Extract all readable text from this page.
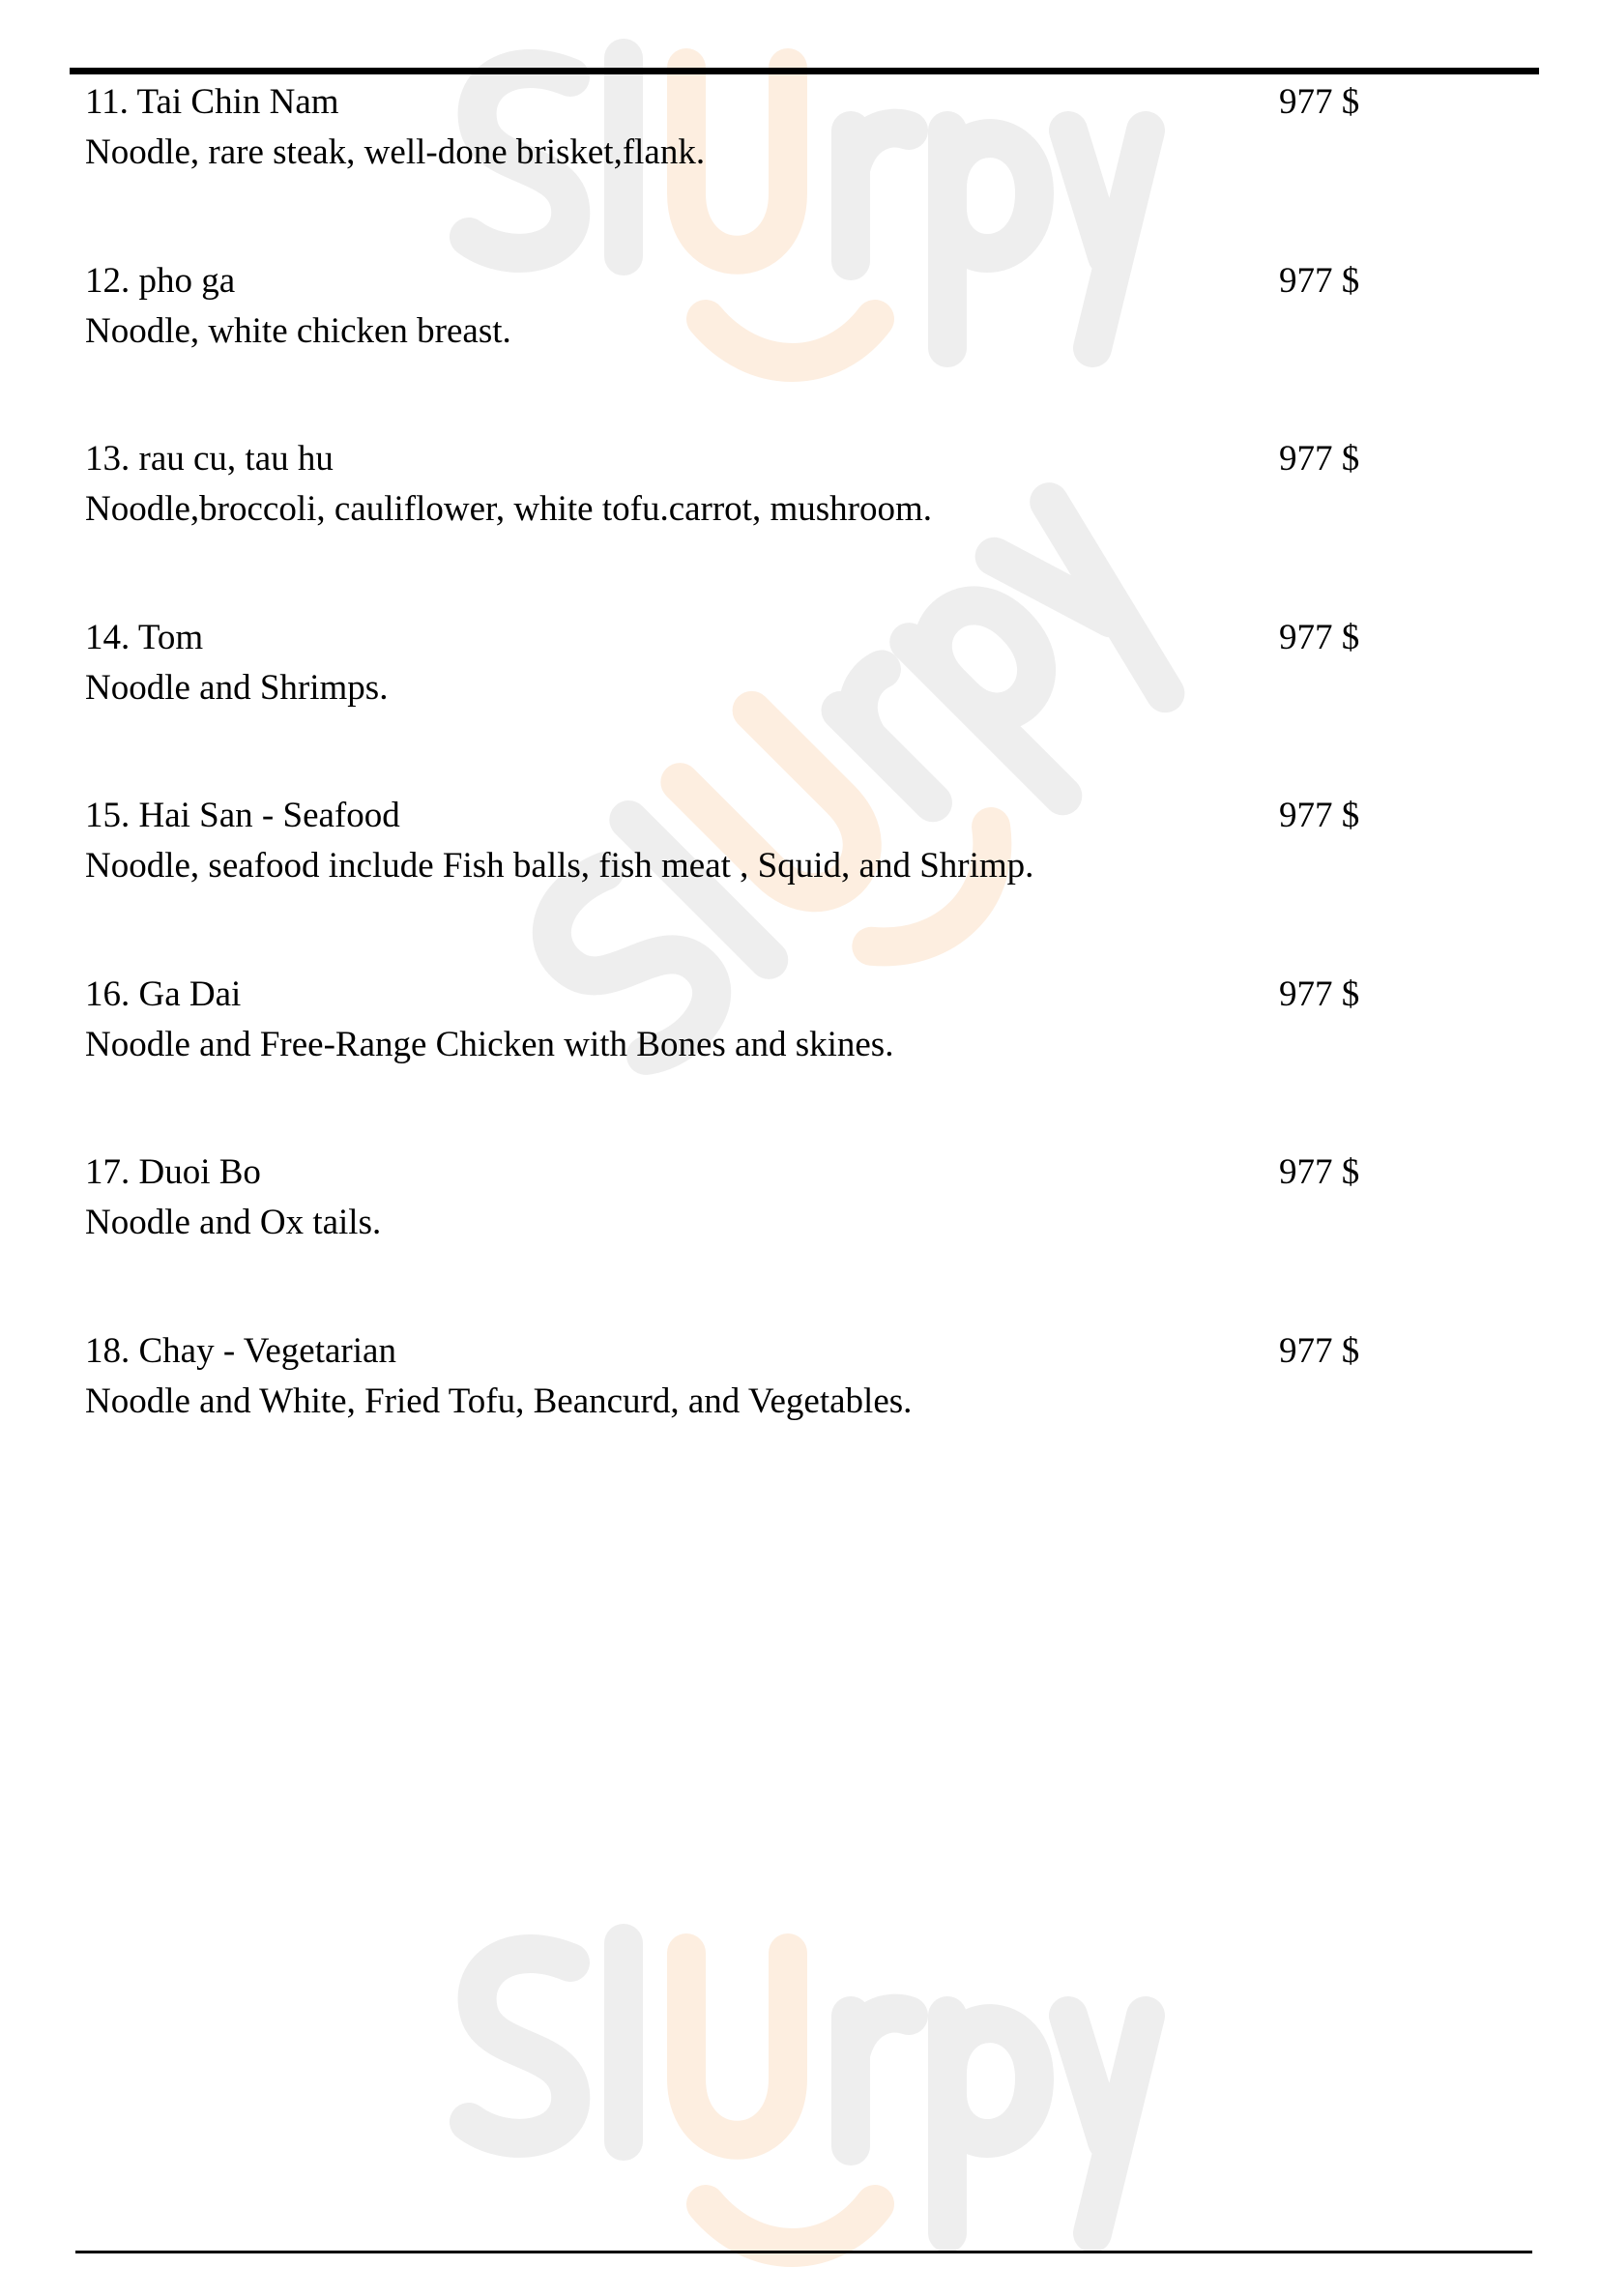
11. Tai Chin Nam
Noodle, rare steak, well-done brisket,flank.
977 $
12. pho ga
Noodle, white chicken breast.
977 $
13. rau cu, tau hu
Noodle,broccoli, cauliflower, white tofu.carrot, mushroom.
977 $
14. Tom
Noodle and Shrimps.
977 $
15. Hai San - Seafood
Noodle, seafood include Fish balls, fish meat , Squid, and Shrimp.
977 $
16. Ga Dai
Noodle and Free-Range Chicken with Bones and skines.
977 $
17. Duoi Bo
Noodle and Ox tails.
977 $
18. Chay - Vegetarian
Noodle and White, Fried Tofu, Beancurd, and Vegetables.
977 $
